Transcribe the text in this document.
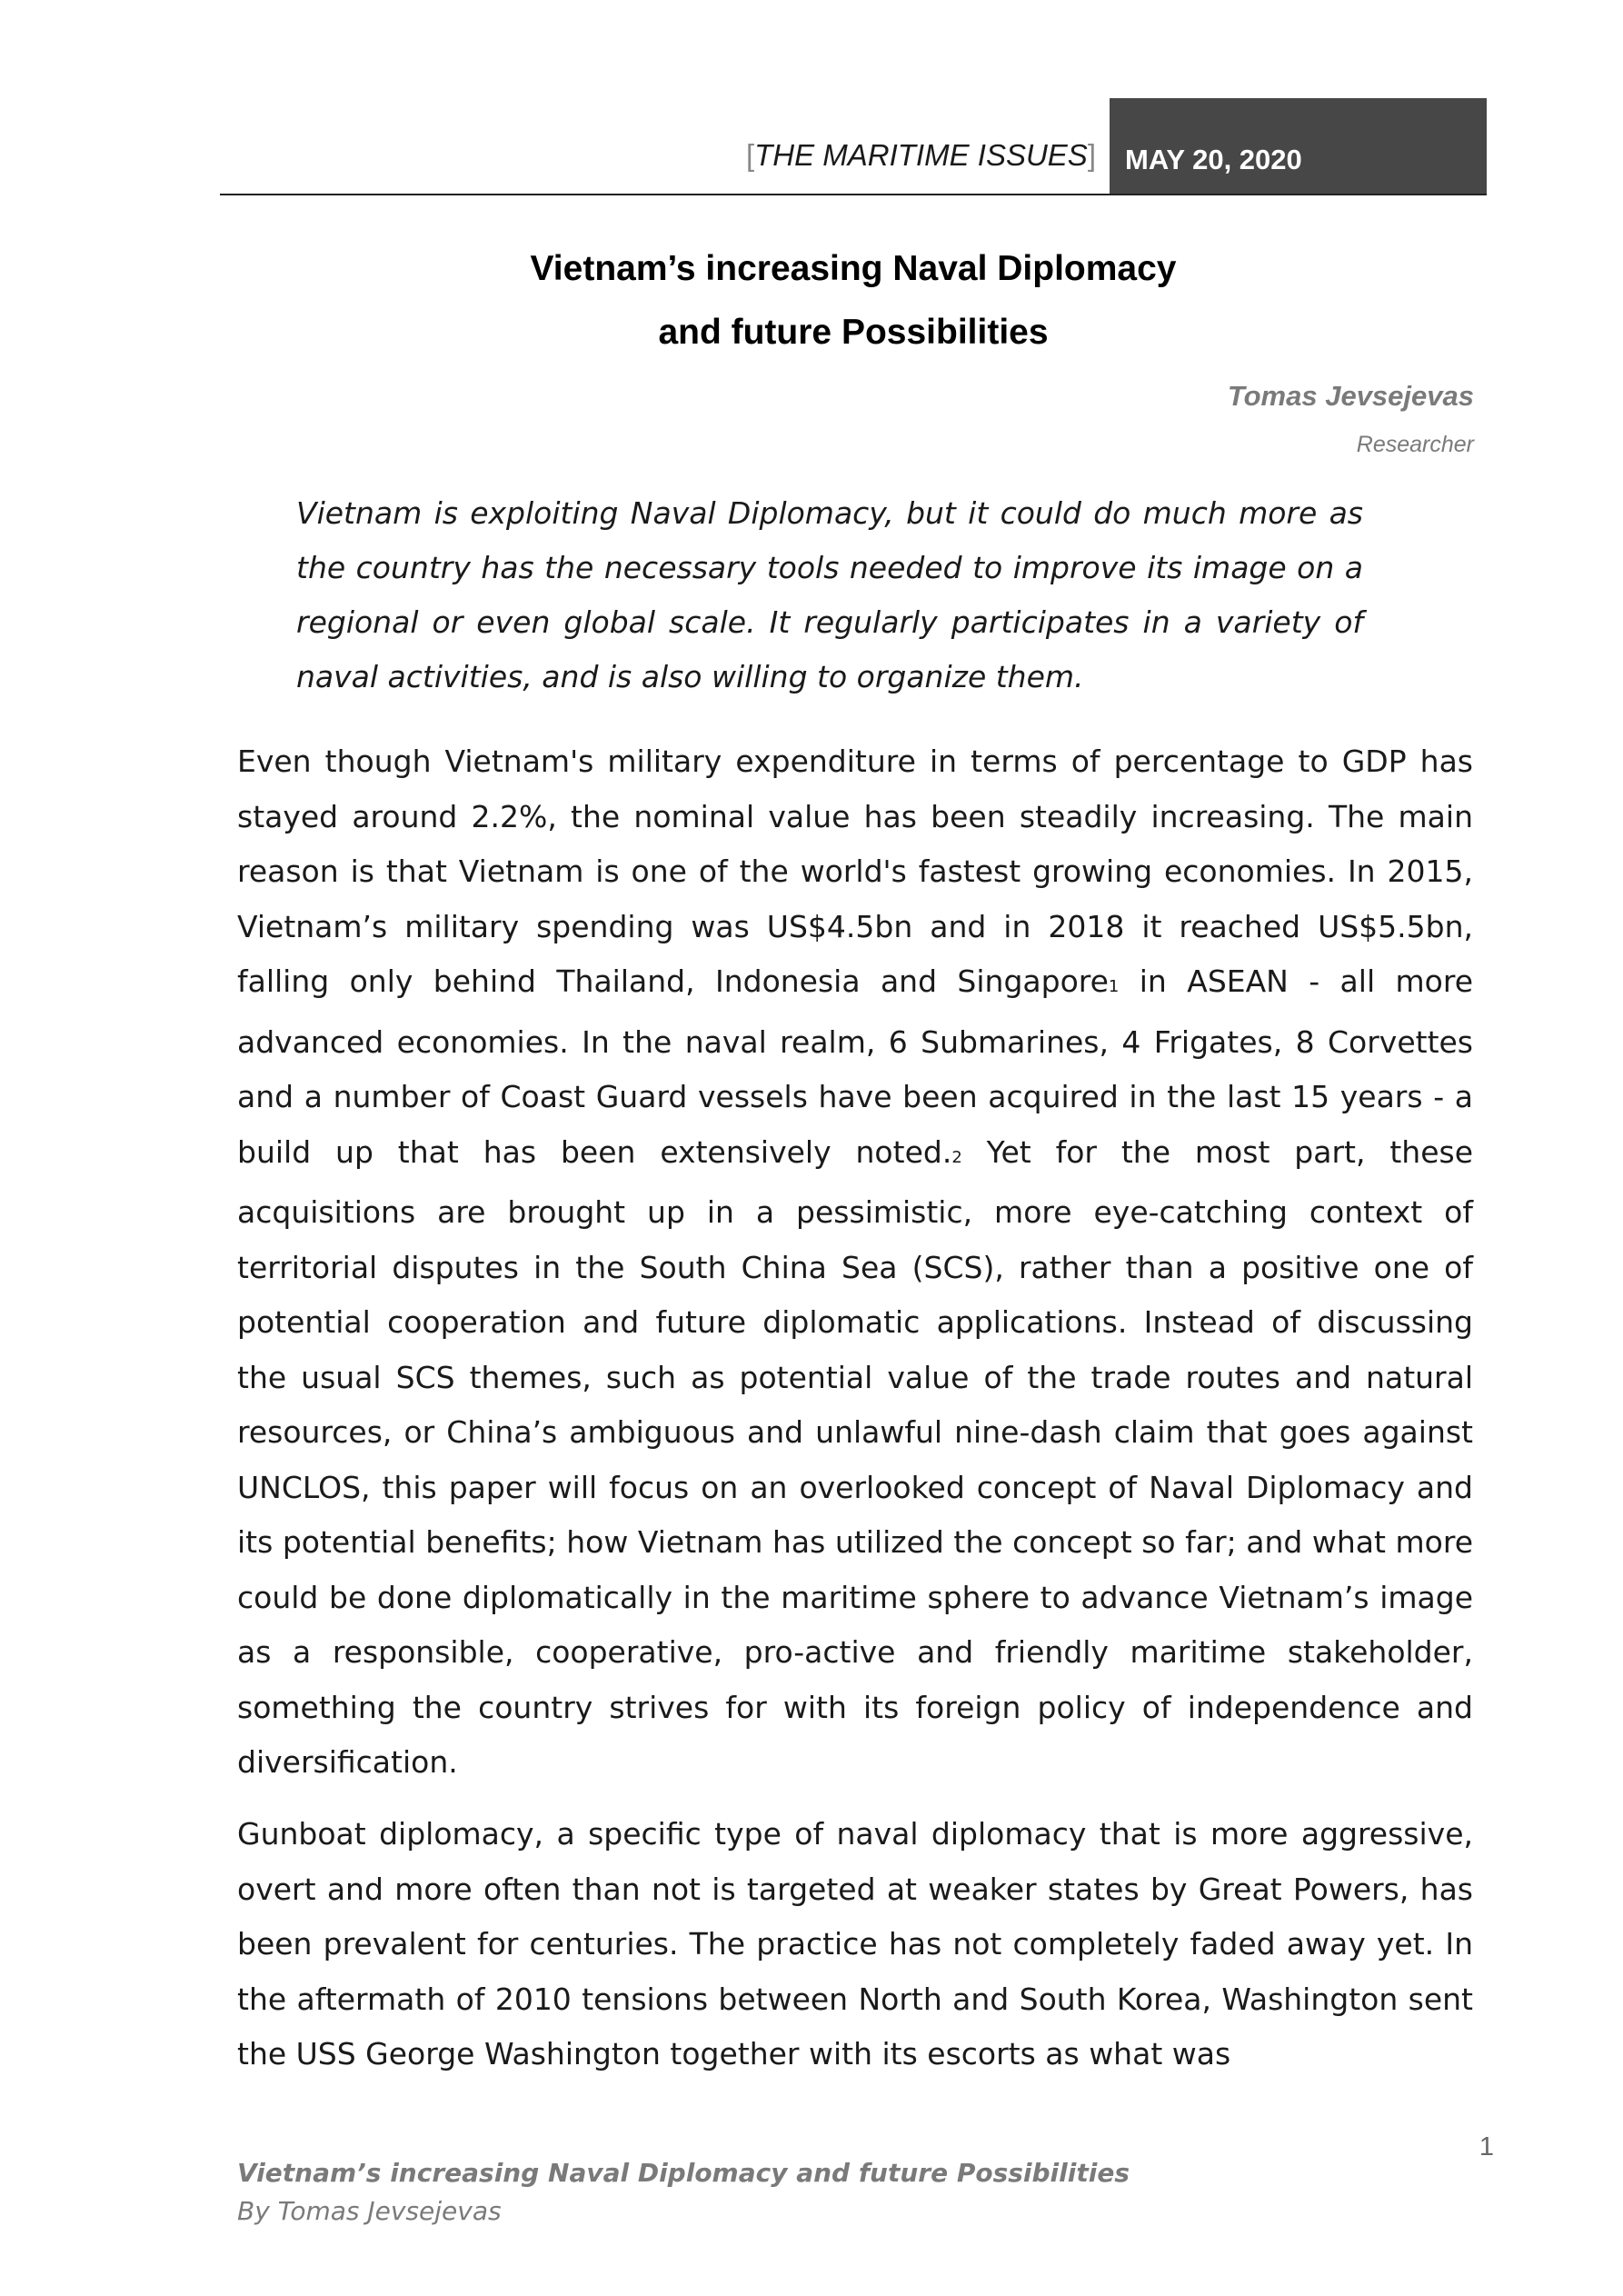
[THE MARITIME ISSUES] MAY 20, 2020
Vietnam’s increasing Naval Diplomacy
and future Possibilities
Tomas Jevsejevas
Researcher

Vietnam is exploiting Naval Diplomacy, but it could do much more as the country has the necessary tools needed to improve its image on a regional or even global scale. It regularly participates in a variety of naval activities, and is also willing to organize them.

Even though Vietnam's military expenditure in terms of percentage to GDP has stayed around 2.2%, the nominal value has been steadily increasing. The main reason is that Vietnam is one of the world's fastest growing economies. In 2015, Vietnam’s military spending was US$4.5bn and in 2018 it reached US$5.5bn, falling only behind Thailand, Indonesia and Singapore1 in ASEAN - all more advanced economies. In the naval realm, 6 Submarines, 4 Frigates, 8 Corvettes and a number of Coast Guard vessels have been acquired in the last 15 years - a build up that has been extensively noted.2 Yet for the most part, these acquisitions are brought up in a pessimistic, more eye-catching context of territorial disputes in the South China Sea (SCS), rather than a positive one of potential cooperation and future diplomatic applications. Instead of discussing the usual SCS themes, such as potential value of the trade routes and natural resources, or China’s ambiguous and unlawful nine-dash claim that goes against UNCLOS, this paper will focus on an overlooked concept of Naval Diplomacy and its potential benefits; how Vietnam has utilized the concept so far; and what more could be done diplomatically in the maritime sphere to advance Vietnam’s image as a responsible, cooperative, pro-active and friendly maritime stakeholder, something the country strives for with its foreign policy of independence and diversification.

Gunboat diplomacy, a specific type of naval diplomacy that is more aggressive, overt and more often than not is targeted at weaker states by Great Powers, has been prevalent for centuries. The practice has not completely faded away yet. In the aftermath of 2010 tensions between North and South Korea, Washington sent the USS George Washington together with its escorts as what was

1
Vietnam’s increasing Naval Diplomacy and future Possibilities
By Tomas Jevsejevas
